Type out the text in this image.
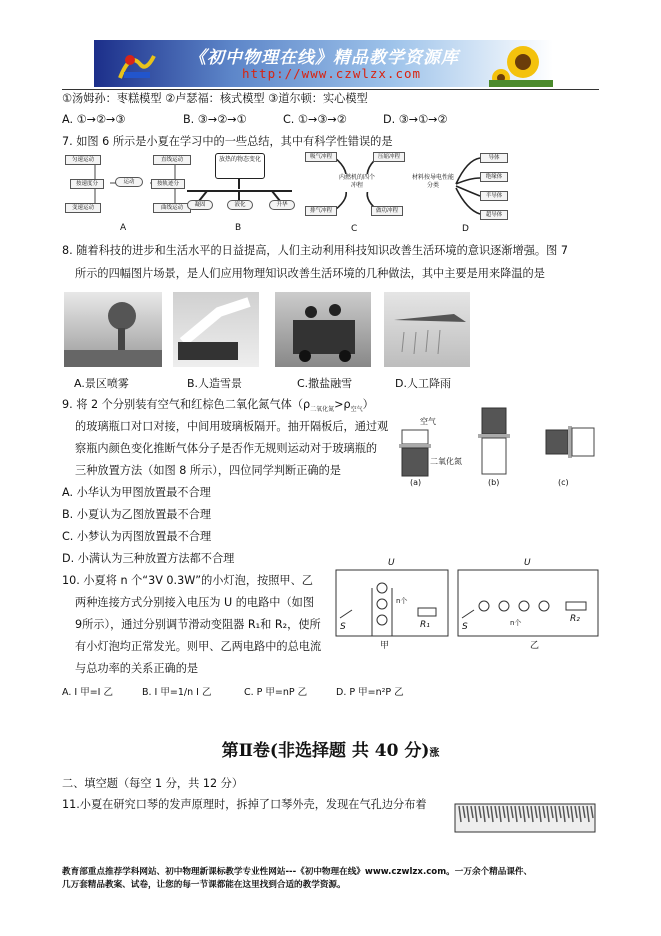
《初中物理在线》精品教学资源库
http://www.czwlzx.com
①汤姆孙：枣糕模型 ②卢瑟福：核式模型 ③道尔顿：实心模型
A. ①→②→③	B. ③→②→①	C. ①→③→②	D. ③→①→②
7. 如图 6 所示是小夏在学习中的一些总结，其中有科学性错误的是
匀速运动	直线运动
按速度分	运动	按轨迹分
变速运动	曲线运动
A
放热的物态变化
凝固	液化	升华
B
吸气冲程	压缩冲程
内燃机的四个冲程
排气冲程	做功冲程
C
材料按导电性能分类
导体
绝缘体
半导体
超导体
D
8. 随着科技的进步和生活水平的日益提高，人们主动利用科技知识改善生活环境的意识逐渐增强。图 7
所示的四幅图片场景，是人们应用物理知识改善生活环境的几种做法，其中主要是用来降温的是
A.景区喷雾	B.人造雪景	C.撒盐融雪	D.人工降雨
9. 将 2 个分别装有空气和红棕色二氧化氮气体$(\rho_{二氧化氮}>\rho_{空气})$
的玻璃瓶口对口对接，中间用玻璃板隔开。抽开隔板后，通过观
察瓶内颜色变化推断气体分子是否作无规则运动对于玻璃瓶的
三种放置方法（如图 8 所示），四位同学判断正确的是
空气
二氧化氮
(a)	(b)	(c)
A. 小华认为甲图放置最不合理
B. 小夏认为乙图放置最不合理
C. 小梦认为丙图放置最不合理
D. 小满认为三种放置方法都不合理
10. 小夏将 n 个“3V 0.3W”的小灯泡，按照甲、乙
两种连接方式分别接入电压为 U 的电路中（如图
9所示），通过分别调节滑动变阻器 R₁和 R₂，使所
有小灯泡均正常发光。则甲、乙两电路中的总电流
与总功率的关系正确的是
U	U
S	S
R₁
R₂
n个
n个
甲	乙
A. I 甲=I 乙	B. I 甲=1/n I 乙	C. P 甲=nP 乙	D. P 甲=n²P 乙
第Ⅱ卷(非选择题 共 40 分)涨
二、填空题（每空 1 分，共 12 分）
11.小夏在研究口琴的发声原理时，拆掉了口琴外壳，发现在气孔边分布着
教育部重点推荐学科网站、初中物理新课标教学专业性网站---《初中物理在线》www.czwlzx.com。一万余个精品课件、
几万套精品教案、试卷，让您的每一节课都能在这里找到合适的教学资源。
